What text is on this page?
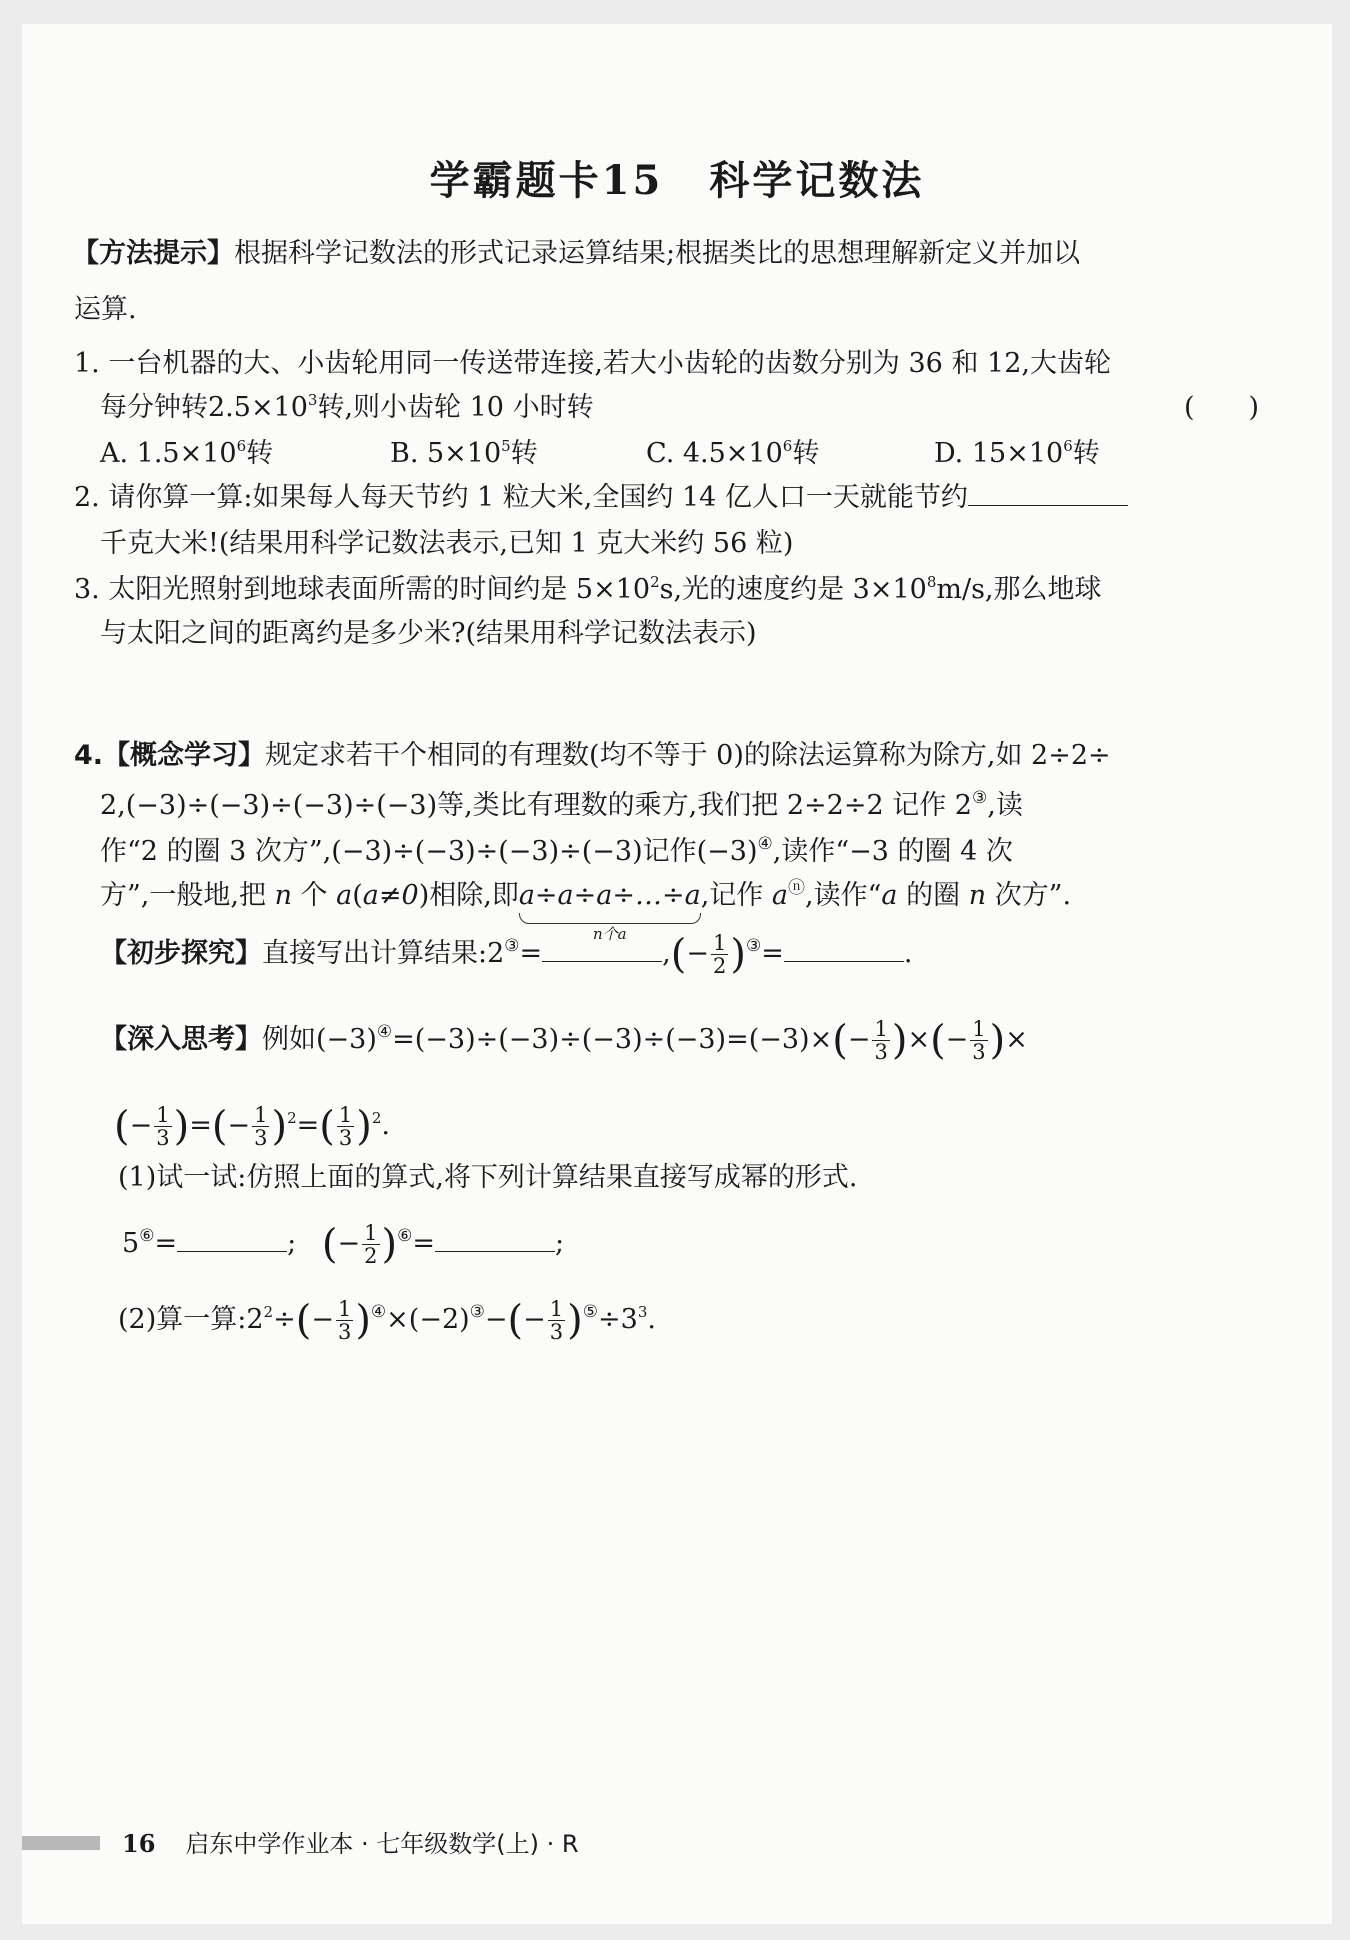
学霸题卡15 科学记数法
【方法提示】根据科学记数法的形式记录运算结果;根据类比的思想理解新定义并加以
运算.
1. 一台机器的大、小齿轮用同一传送带连接,若大小齿轮的齿数分别为 36 和 12,大齿轮
每分钟转$2.5\times 10^3$转,则小齿轮 10 小时转	(　　)
A. $1.5\times 10^6$转	B. $5\times 10^5$转	C. $4.5\times 10^6$转	D. $15\times 10^6$转
2. 请你算一算:如果每人每天节约 1 粒大米,全国约 14 亿人口一天就能节约
千克大米!(结果用科学记数法表示,已知 1 克大米约 56 粒)
3. 太阳光照射到地球表面所需的时间约是 $5\times 10^2s$,光的速度约是 $3\times 10^8m/s$,那么地球
与太阳之间的距离约是多少米?(结果用科学记数法表示)
4.【概念学习】规定求若干个相同的有理数(均不等于 0)的除法运算称为除方,如 2÷2÷
2,(−3)÷(−3)÷(−3)÷(−3)等,类比有理数的乘方,我们把 2÷2÷2 记作 2③,读
作“2 的圈 3 次方”,(−3)÷(−3)÷(−3)÷(−3)记作(−3)④,读作“−3 的圈 4 次
方”,一般地,把 n 个 a(a≠0)相除,即a÷a÷a÷…÷a
n个a
,记作 aⓝ,读作“a 的圈 n 次方”.
【初步探究】直接写出计算结果:2③=	,(− $\frac{1}{2} )^③=$	.
【深入思考】例如$(-3)^④=(-3)\div(-3)\div(-3)\div(-3)=(-3)\times(- \frac{1}{3}$ )×(− $\frac{1}{3}$ )×
(− $\frac{1}{3}$ )=(− $\frac{1}{3} )^2=( \frac{1}{3} )^2$.
(1)试一试:仿照上面的算式,将下列计算结果直接写成幂的形式.
5⑥=	;   (− $\frac{1}{2} )^⑥=$	;
(2)算一算$:2^2\div(- \frac{1}{3} )^④\times(-2)^③-(- \frac{1}{3} )^⑤\div 3^3$.
16 启东中学作业本 · 七年级数学(上) · R
